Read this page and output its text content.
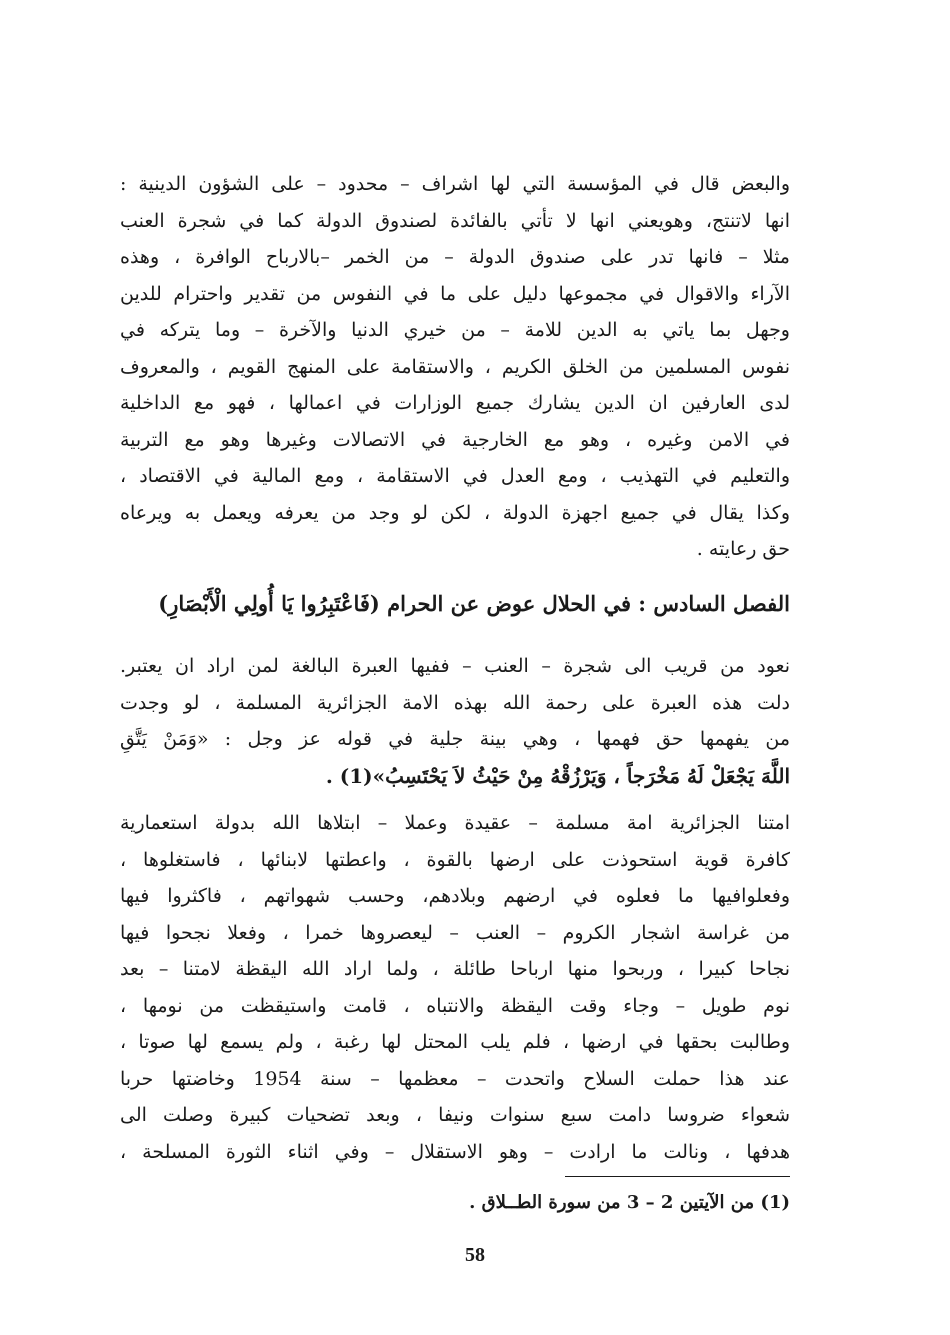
والبعض قال في المؤسسة التي لها اشراف – محدود – على الشؤون الدينية :
انها لاتنتج، وهويعني انها لا تأتي بالفائدة لصندوق الدولة كما في شجرة العنب
مثلا – فانها تدر على صندوق الدولة – من الخمر –بالارباح الوافرة ، وهذه
الآراء والاقوال في مجموعها دليل على ما في النفوس من تقدير واحترام للدين
وجهل بما ياتي به الدين للامة – من خيري الدنيا والآخرة – وما يتركه في
نفوس المسلمين من الخلق الكريم ، والاستقامة على المنهج القويم ، والمعروف
لدى العارفين ان الدين يشارك جميع الوزارات في اعمالها ، فهو مع الداخلية
في الامن وغيره ، وهو مع الخارجية في الاتصالات وغيرها وهو مع التربية
والتعليم في التهذيب ، ومع العدل في الاستقامة ، ومع المالية في الاقتصاد ،
وكذا يقال في جميع اجهزة الدولة ، لكن لو وجد من يعرفه ويعمل به ويرعاه
حق رعايته .
الفصل السادس : في الحلال عوض عن الحرام (فَاعْتَبِرُوا يَا أُولِي الْأَبْصَارِ)
نعود من قريب الى شجرة – العنب – ففيها العبرة البالغة لمن اراد ان يعتبر.
دلت هذه العبرة على رحمة الله بهذه الامة الجزائرية المسلمة ، لو وجدت
من يفهمها حق فهمها ، وهي بينة جلية في قوله عز وجل : «وَمَنْ يَتَّقِ
اللَّهَ يَجْعَلْ لَهُ مَخْرَجاً ، وَيَرْزُقْهُ مِنْ حَيْثُ لاَ يَحْتَسِبُ»(1) .
امتنا الجزائرية امة مسلمة – عقيدة وعملا – ابتلاها الله بدولة استعمارية
كافرة قوية استحوذت على ارضها بالقوة ، واعطتها لابنائها ، فاستغلوها ،
وفعلوافيها ما فعلوه في ارضهم وبلادهم، وحسب شهواتهم ، فاكثروا فيها
من غراسة اشجار الكروم – العنب – ليعصروها خمرا ، وفعلا نجحوا فيها
نجاحا كبيرا ، وربحوا منها ارباحا طائلة ، ولما اراد الله اليقظة لامتنا – بعد
نوم طويل – وجاء وقت اليقظة والانتباه ، قامت واستيقظت من نومها ،
وطالبت بحقها في ارضها ، فلم يلب المحتل لها رغبة ، ولم يسمع لها صوتا ،
عند هذا حملت السلاح واتحدت – معظمها – سنة 1954 وخاضتها حربا
شعواء ضروسا دامت سبع سنوات ونيفا ، وبعد تضحيات كبيرة وصلت الى
هدفها ، ونالت ما ارادت – وهو الاستقلال – وفي اثناء الثورة المسلحة ،
(1) من الآيتين 2 – 3 من سورة الطــلاق .
58
